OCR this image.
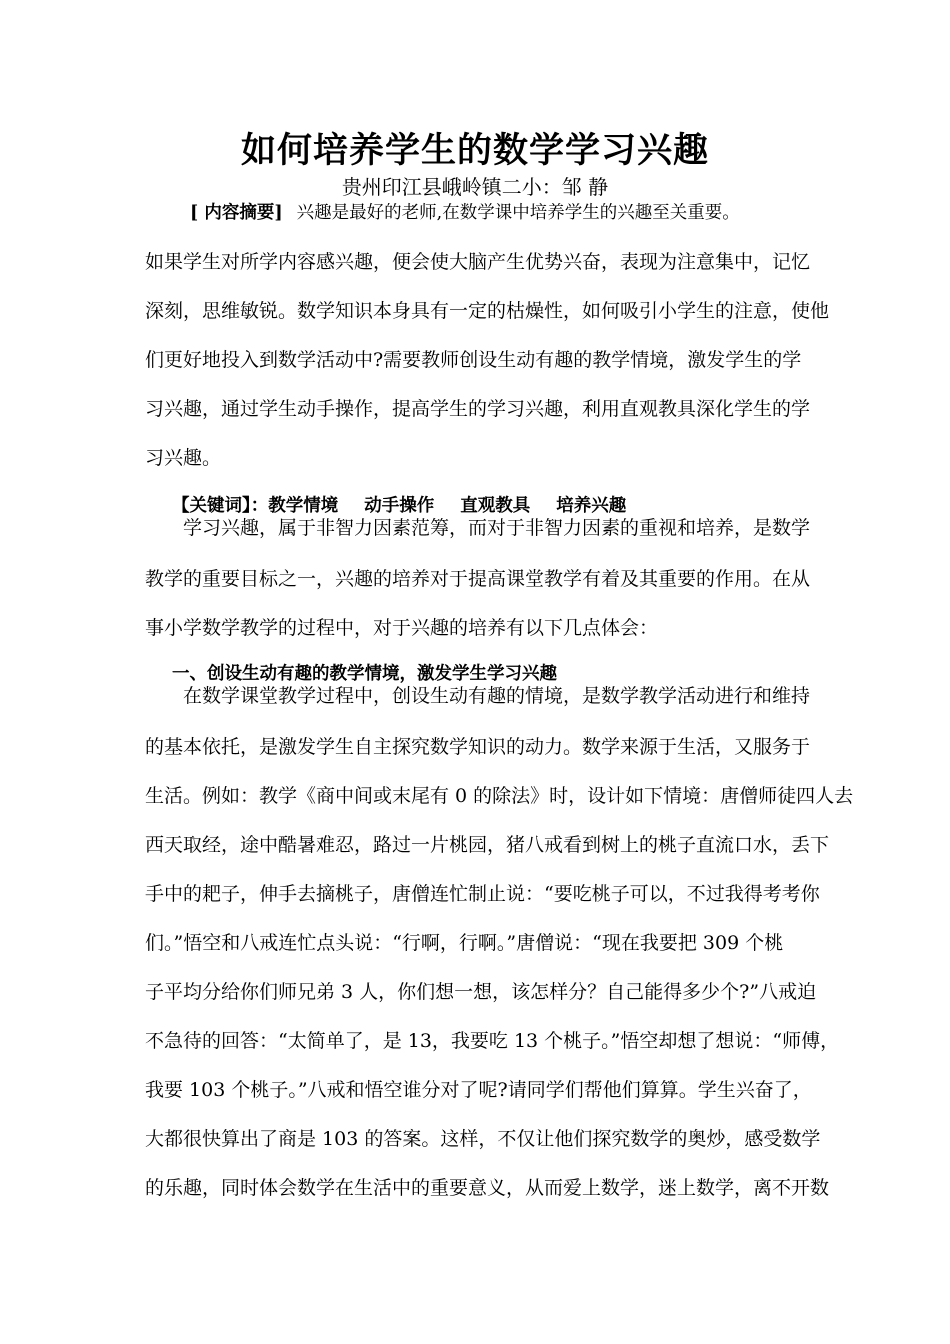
如何培养学生的数学学习兴趣
贵州印江县峨岭镇二小：邹 静
[ 内容摘要] 兴趣是最好的老师,在数学课中培养学生的兴趣至关重要。
如果学生对所学内容感兴趣，便会使大脑产生优势兴奋，表现为注意集中，记忆
深刻，思维敏锐。数学知识本身具有一定的枯燥性，如何吸引小学生的注意，使他
们更好地投入到数学活动中?需要教师创设生动有趣的教学情境，激发学生的学
习兴趣，通过学生动手操作，提高学生的学习兴趣，利用直观教具深化学生的学
习兴趣。
【关键词】：教学情境 动手操作 直观教具 培养兴趣
学习兴趣，属于非智力因素范筹，而对于非智力因素的重视和培养，是数学
教学的重要目标之一，兴趣的培养对于提高课堂教学有着及其重要的作用。在从
事小学数学教学的过程中，对于兴趣的培养有以下几点体会：
一、创设生动有趣的教学情境，激发学生学习兴趣
在数学课堂教学过程中，创设生动有趣的情境，是数学教学活动进行和维持
的基本依托，是激发学生自主探究数学知识的动力。数学来源于生活，又服务于
生活。例如：教学《商中间或末尾有 0 的除法》时，设计如下情境：唐僧师徒四人去
西天取经，途中酷暑难忍，路过一片桃园，猪八戒看到树上的桃子直流口水，丢下
手中的耙子，伸手去摘桃子，唐僧连忙制止说：“要吃桃子可以，不过我得考考你
们。”悟空和八戒连忙点头说：“行啊，行啊。”唐僧说：“现在我要把 309 个桃
子平均分给你们师兄弟 3 人，你们想一想，该怎样分？自己能得多少个?”八戒迫
不急待的回答：“太简单了，是 13，我要吃 13 个桃子。”悟空却想了想说：“师傅，
我要 103 个桃子。”八戒和悟空谁分对了呢?请同学们帮他们算算。学生兴奋了，
大都很快算出了商是 103 的答案。这样，不仅让他们探究数学的奥炒，感受数学
的乐趣，同时体会数学在生活中的重要意义，从而爱上数学，迷上数学，离不开数
